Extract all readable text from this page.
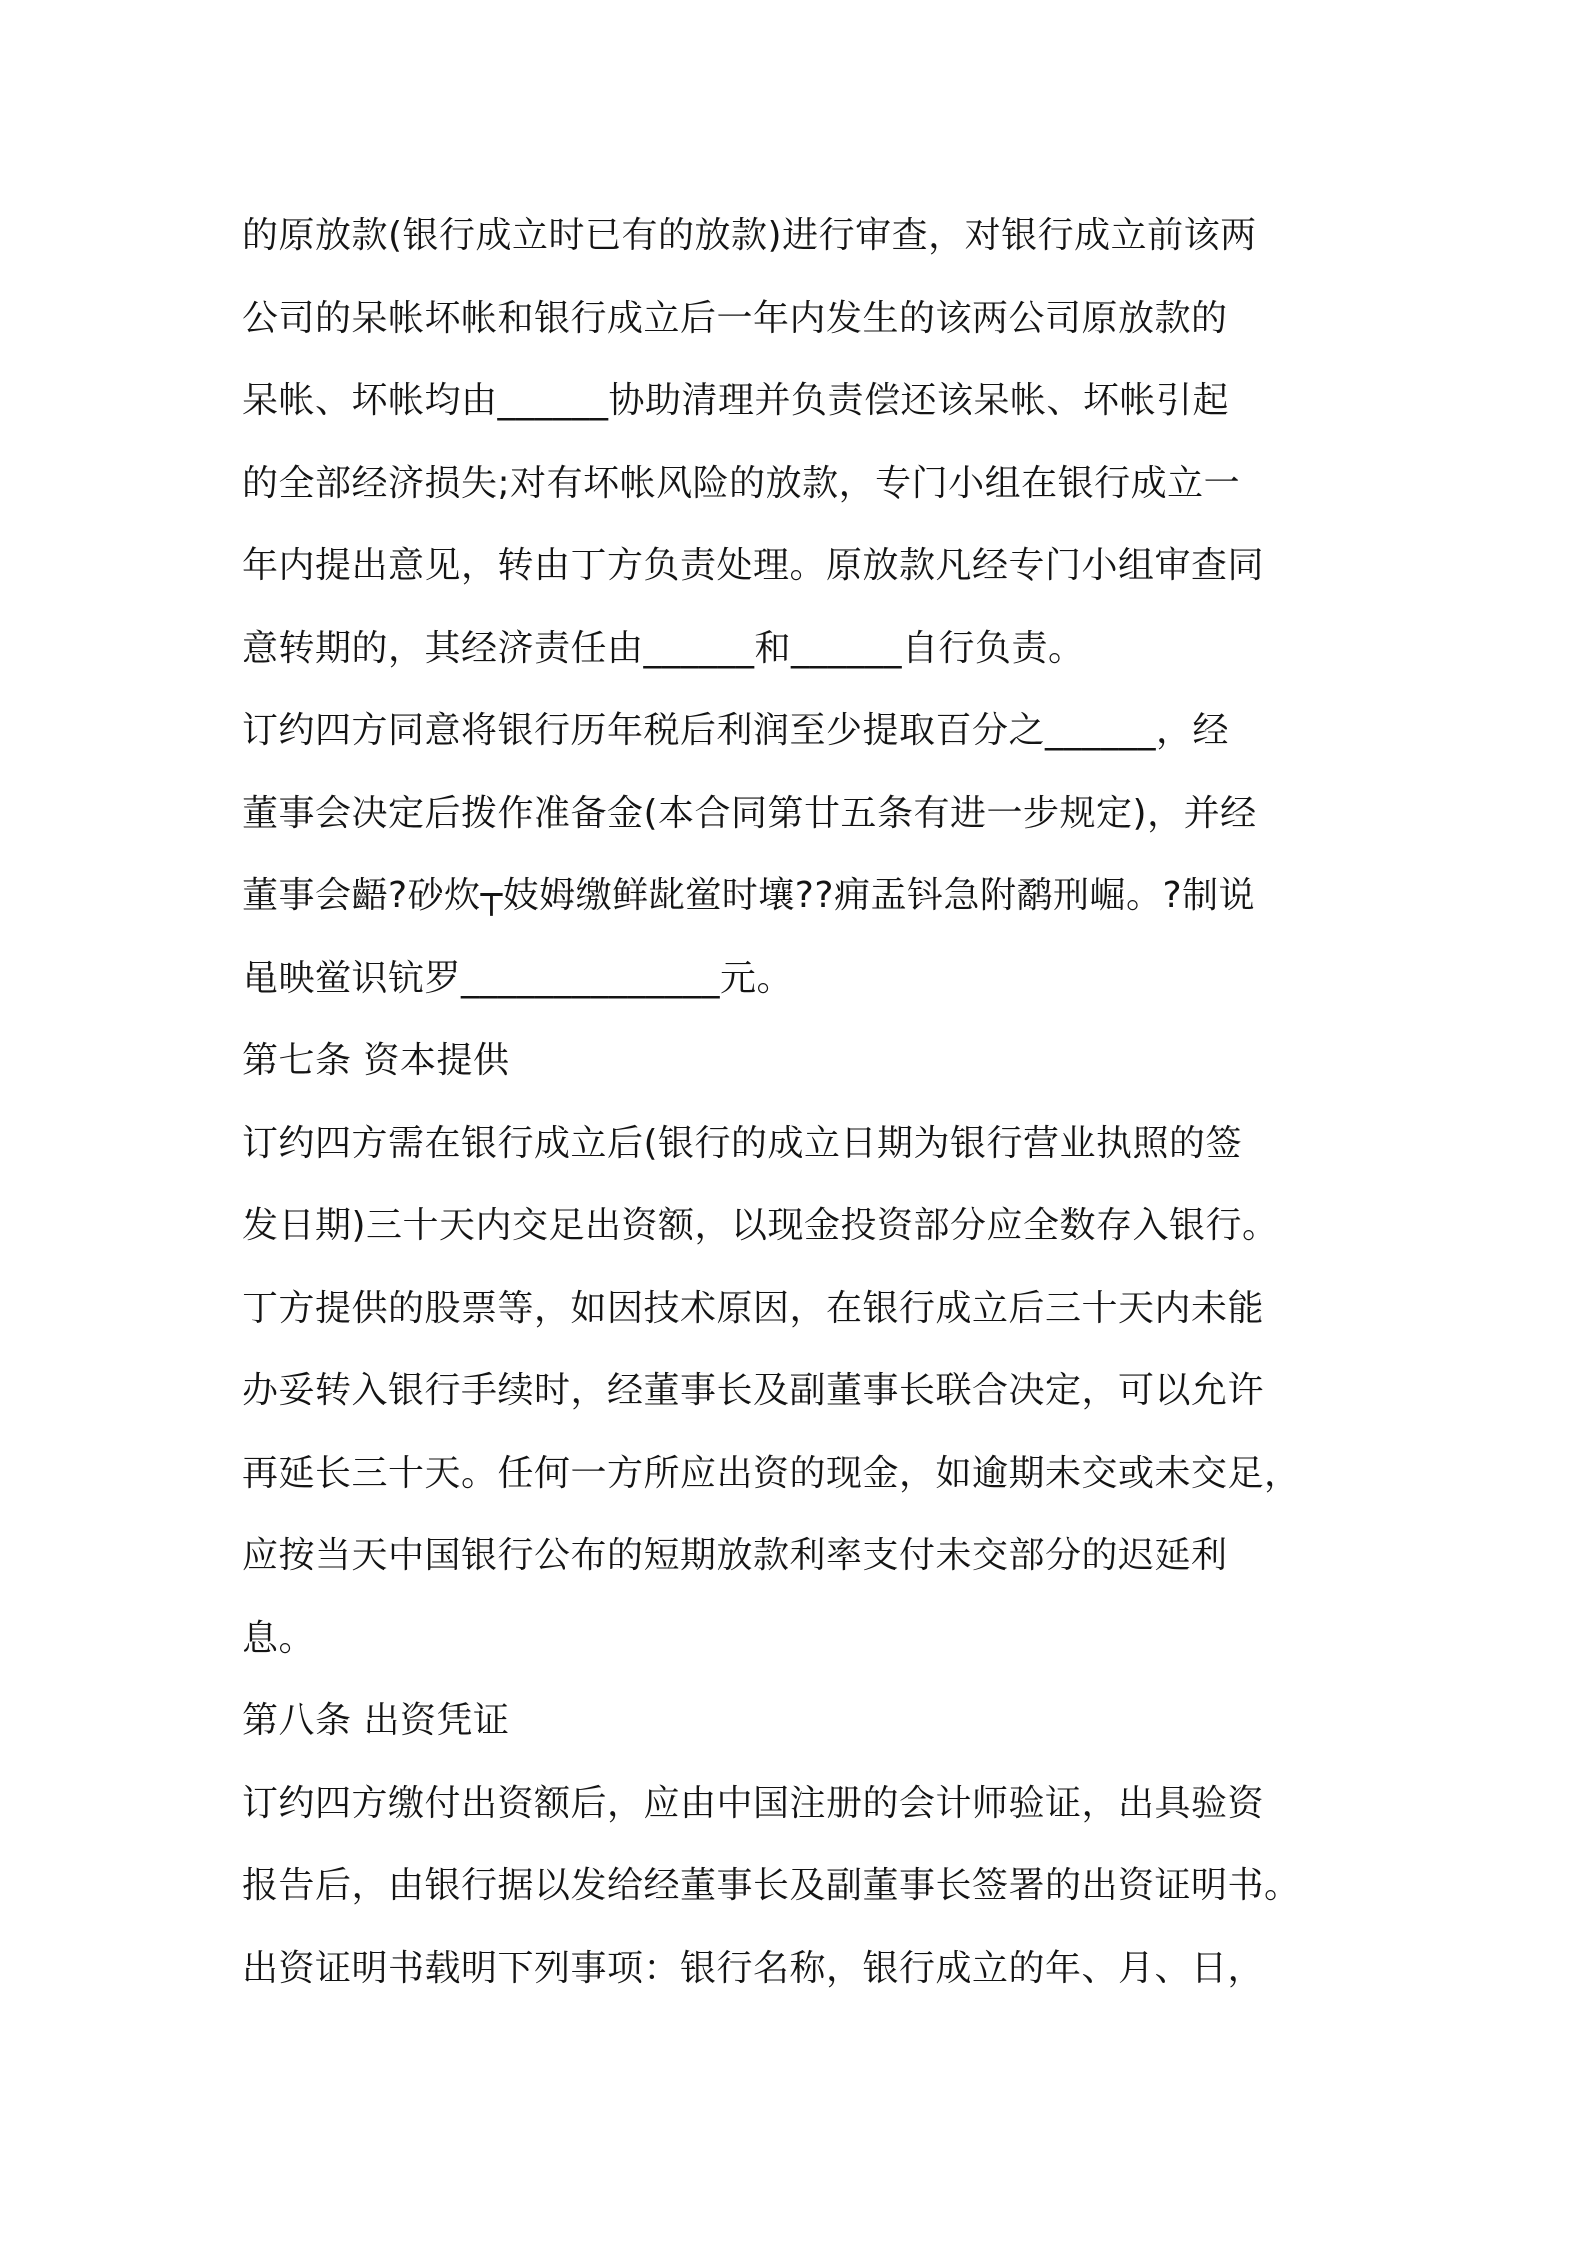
的原放款(银行成立时已有的放款)进行审查，对银行成立前该两
公司的呆帐坏帐和银行成立后一年内发生的该两公司原放款的
呆帐、坏帐均由______协助清理并负责偿还该呆帐、坏帐引起
的全部经济损失;对有坏帐风险的放款，专门小组在银行成立一
年内提出意见，转由丁方负责处理。原放款凡经专门小组审查同
意转期的，其经济责任由______和______自行负责。
订约四方同意将银行历年税后利润至少提取百分之______，经
董事会决定后拨作准备金(本合同第廿五条有进一步规定)，并经
董事会齬?砂炊┬妓姆缴鲜龀鲎时壤??痈盂钭急附鹬刑崛。?制说
黾映鲎识钪罗______________元。
第七条 资本提供
订约四方需在银行成立后(银行的成立日期为银行营业执照的签
发日期)三十天内交足出资额，以现金投资部分应全数存入银行。
丁方提供的股票等，如因技术原因，在银行成立后三十天内未能
办妥转入银行手续时，经董事长及副董事长联合决定，可以允许
再延长三十天。任何一方所应出资的现金，如逾期未交或未交足，
应按当天中国银行公布的短期放款利率支付未交部分的迟延利
息。
第八条 出资凭证
订约四方缴付出资额后，应由中国注册的会计师验证，出具验资
报告后，由银行据以发给经董事长及副董事长签署的出资证明书。
出资证明书载明下列事项：银行名称，银行成立的年、月、日，
